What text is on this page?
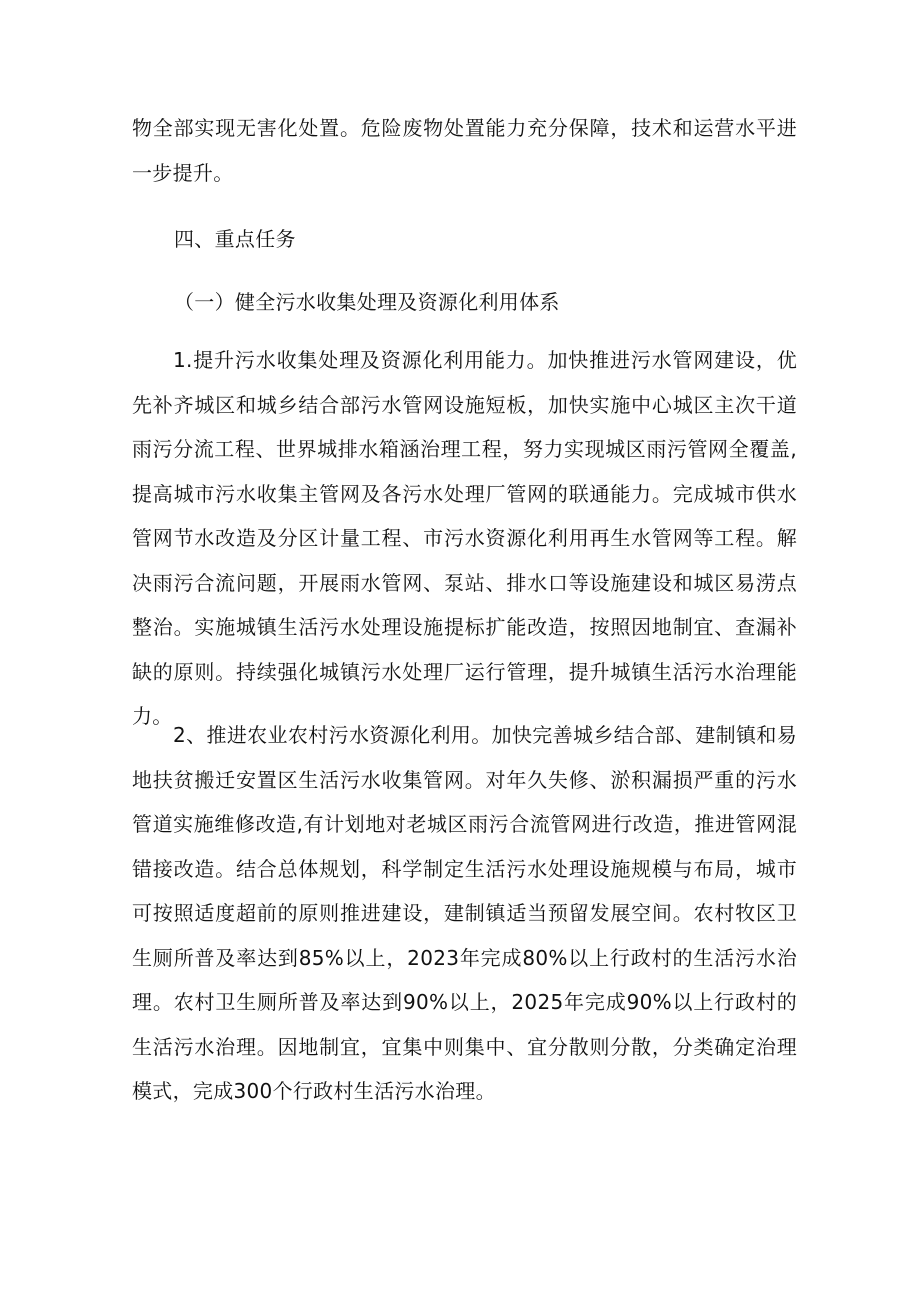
物全部实现无害化处置。危险废物处置能力充分保障，技术和运营水平进一步提升。

四、重点任务
（一）健全污水收集处理及资源化利用体系

1.提升污水收集处理及资源化利用能力。加快推进污水管网建设，优先补齐城区和城乡结合部污水管网设施短板，加快实施中心城区主次干道雨污分流工程、世界城排水箱涵治理工程，努力实现城区雨污管网全覆盖,提高城市污水收集主管网及各污水处理厂管网的联通能力。完成城市供水管网节水改造及分区计量工程、市污水资源化利用再生水管网等工程。解决雨污合流问题，开展雨水管网、泵站、排水口等设施建设和城区易涝点整治。实施城镇生活污水处理设施提标扩能改造，按照因地制宜、查漏补缺的原则。持续强化城镇污水处理厂运行管理，提升城镇生活污水治理能力。

2、推进农业农村污水资源化利用。加快完善城乡结合部、建制镇和易地扶贫搬迁安置区生活污水收集管网。对年久失修、淤积漏损严重的污水管道实施维修改造,有计划地对老城区雨污合流管网进行改造，推进管网混错接改造。结合总体规划，科学制定生活污水处理设施规模与布局，城市可按照适度超前的原则推进建设，建制镇适当预留发展空间。农村牧区卫生厕所普及率达到85%以上，2023年完成80%以上行政村的生活污水治理。农村卫生厕所普及率达到90%以上，2025年完成90%以上行政村的生活污水治理。因地制宜，宜集中则集中、宜分散则分散，分类确定治理模式，完成300个行政村生活污水治理。
